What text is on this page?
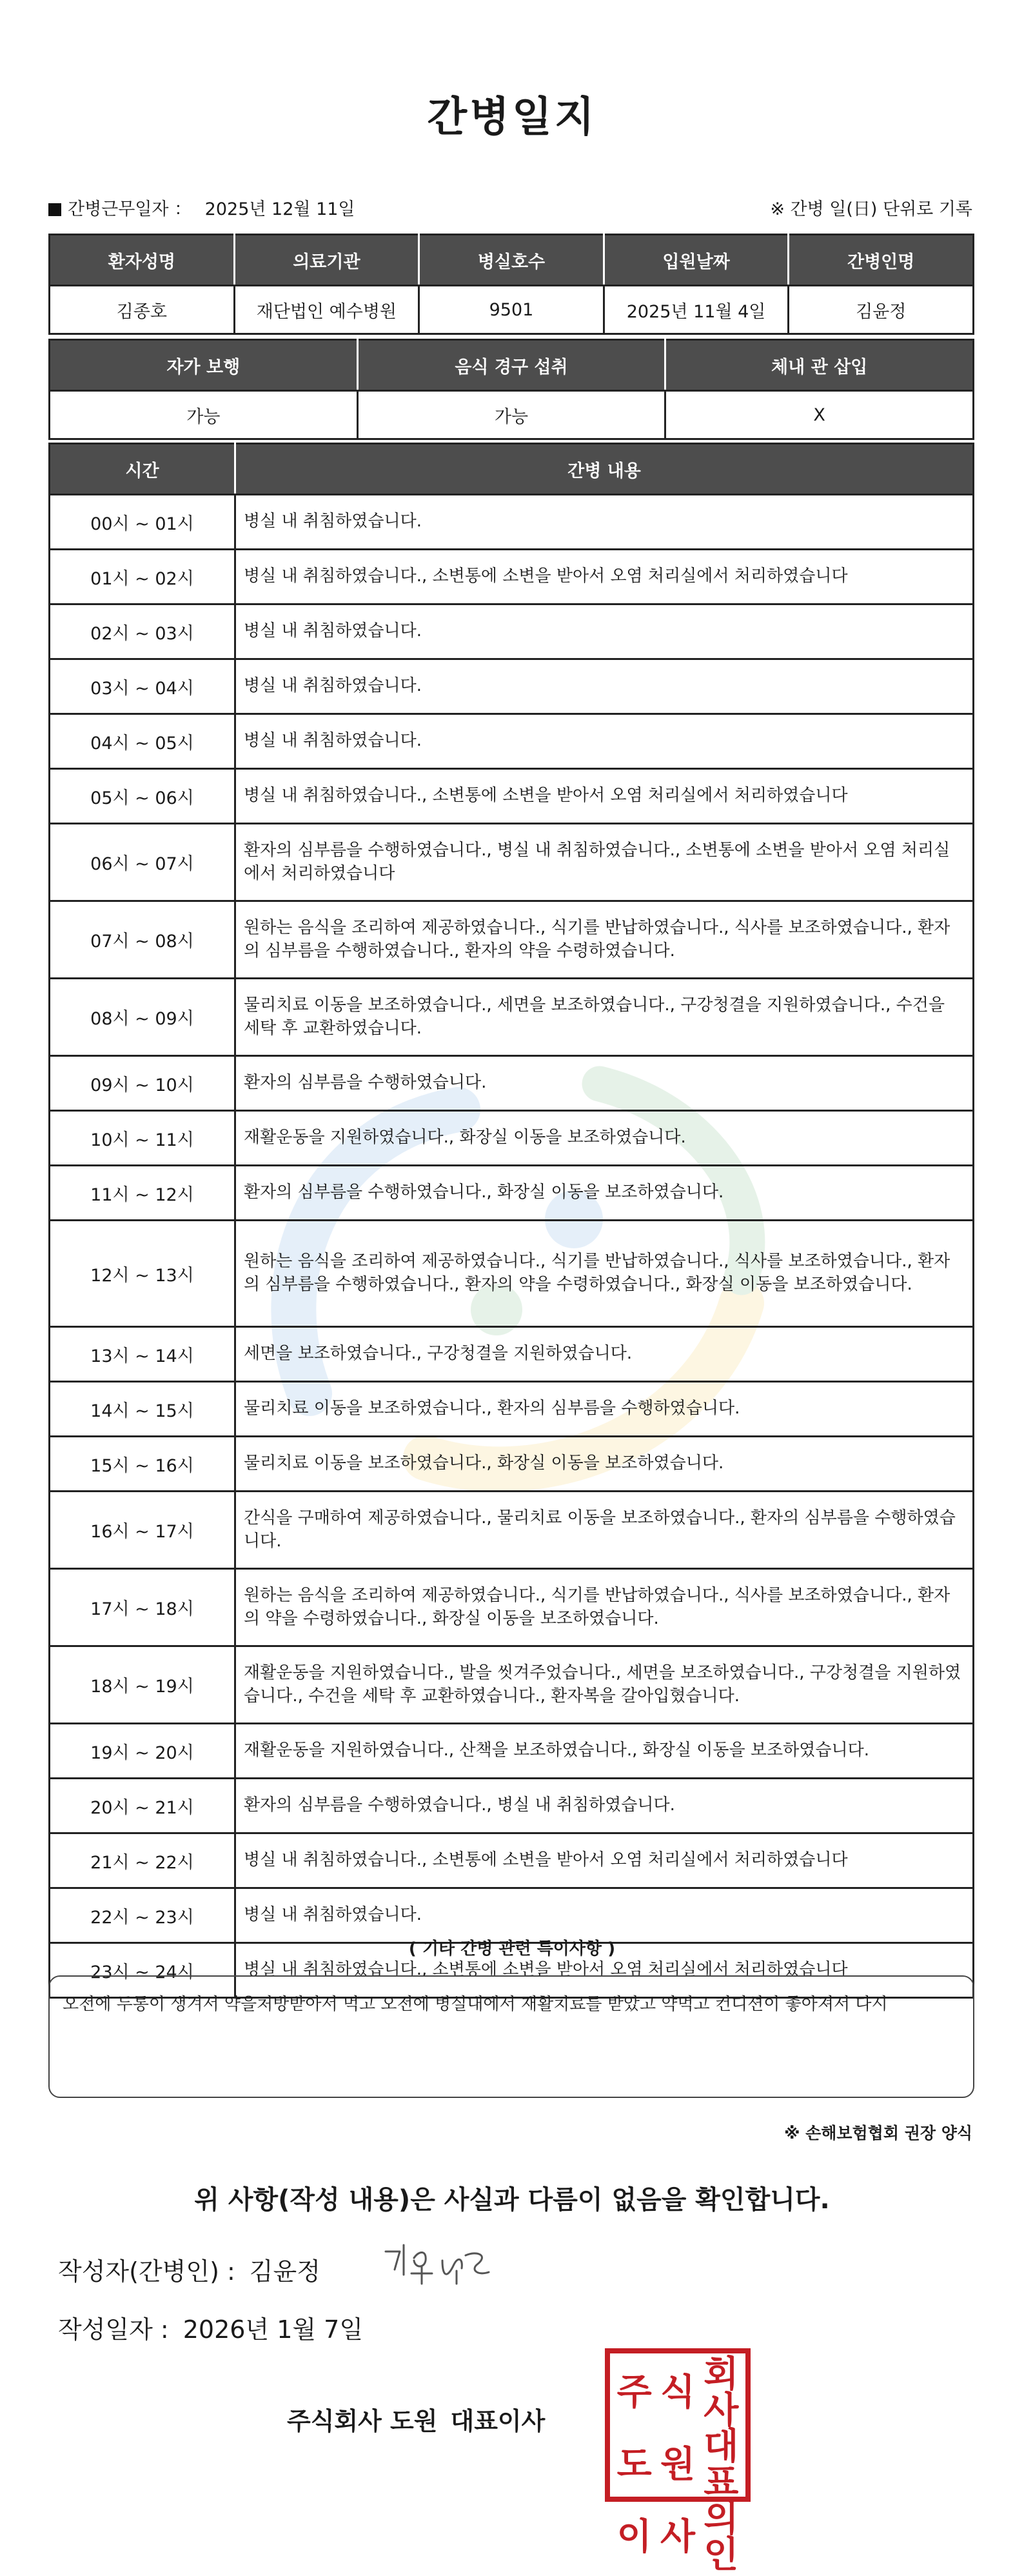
간병일지
간병근무일자 ： 2025년 12월 11일	※ 간병 일(日) 단위로 기록
환자성명	의료기관	병실호수	입원날짜	간병인명
김종호	재단법인 예수병원	9501	2025년 11월 4일	김윤정
자가 보행	음식 경구 섭취	체내 관 삽입
가능	가능	X
시간	간병 내용
00시 ~ 01시	병실 내 취침하였습니다.
01시 ~ 02시	병실 내 취침하였습니다., 소변통에 소변을 받아서 오염 처리실에서 처리하였습니다
02시 ~ 03시	병실 내 취침하였습니다.
03시 ~ 04시	병실 내 취침하였습니다.
04시 ~ 05시	병실 내 취침하였습니다.
05시 ~ 06시	병실 내 취침하였습니다., 소변통에 소변을 받아서 오염 처리실에서 처리하였습니다
06시 ~ 07시	환자의 심부름을 수행하였습니다., 병실 내 취침하였습니다., 소변통에 소변을 받아서 오염 처리실에서 처리하였습니다
07시 ~ 08시	원하는 음식을 조리하여 제공하였습니다., 식기를 반납하였습니다., 식사를 보조하였습니다., 환자의 심부름을 수행하였습니다., 환자의 약을 수령하였습니다.
08시 ~ 09시	물리치료 이동을 보조하였습니다., 세면을 보조하였습니다., 구강청결을 지원하였습니다., 수건을 세탁 후 교환하였습니다.
09시 ~ 10시	환자의 심부름을 수행하였습니다.
10시 ~ 11시	재활운동을 지원하였습니다., 화장실 이동을 보조하였습니다.
11시 ~ 12시	환자의 심부름을 수행하였습니다., 화장실 이동을 보조하였습니다.
12시 ~ 13시	원하는 음식을 조리하여 제공하였습니다., 식기를 반납하였습니다., 식사를 보조하였습니다., 환자의 심부름을 수행하였습니다., 환자의 약을 수령하였습니다., 화장실 이동을 보조하였습니다.
13시 ~ 14시	세면을 보조하였습니다., 구강청결을 지원하였습니다.
14시 ~ 15시	물리치료 이동을 보조하였습니다., 환자의 심부름을 수행하였습니다.
15시 ~ 16시	물리치료 이동을 보조하였습니다., 화장실 이동을 보조하였습니다.
16시 ~ 17시	간식을 구매하여 제공하였습니다., 물리치료 이동을 보조하였습니다., 환자의 심부름을 수행하였습니다.
17시 ~ 18시	원하는 음식을 조리하여 제공하였습니다., 식기를 반납하였습니다., 식사를 보조하였습니다., 환자의 약을 수령하였습니다., 화장실 이동을 보조하였습니다.
18시 ~ 19시	재활운동을 지원하였습니다., 발을 씻겨주었습니다., 세면을 보조하였습니다., 구강청결을 지원하였습니다., 수건을 세탁 후 교환하였습니다., 환자복을 갈아입혔습니다.
19시 ~ 20시	재활운동을 지원하였습니다., 산책을 보조하였습니다., 화장실 이동을 보조하였습니다.
20시 ~ 21시	환자의 심부름을 수행하였습니다., 병실 내 취침하였습니다.
21시 ~ 22시	병실 내 취침하였습니다., 소변통에 소변을 받아서 오염 처리실에서 처리하였습니다
22시 ~ 23시	병실 내 취침하였습니다.
23시 ~ 24시	병실 내 취침하였습니다., 소변통에 소변을 받아서 오염 처리실에서 처리하였습니다
( 기타 간병 관련 특이사항 )
오전에 두통이 생겨서 약을처방받아서 먹고 오전에 병실내에서 재활치료를 받았고 약먹고 컨디션이 좋아져서 다시
※ 손해보험협회 권장 양식
위 사항(작성 내용)은 사실과 다름이 없음을 확인합니다.
작성자(간병인) : 김윤정
작성일자 : 2026년 1월 7일
주식회사 도원 대표이사
주 식 회사
도 원 대표
이 사 의인
